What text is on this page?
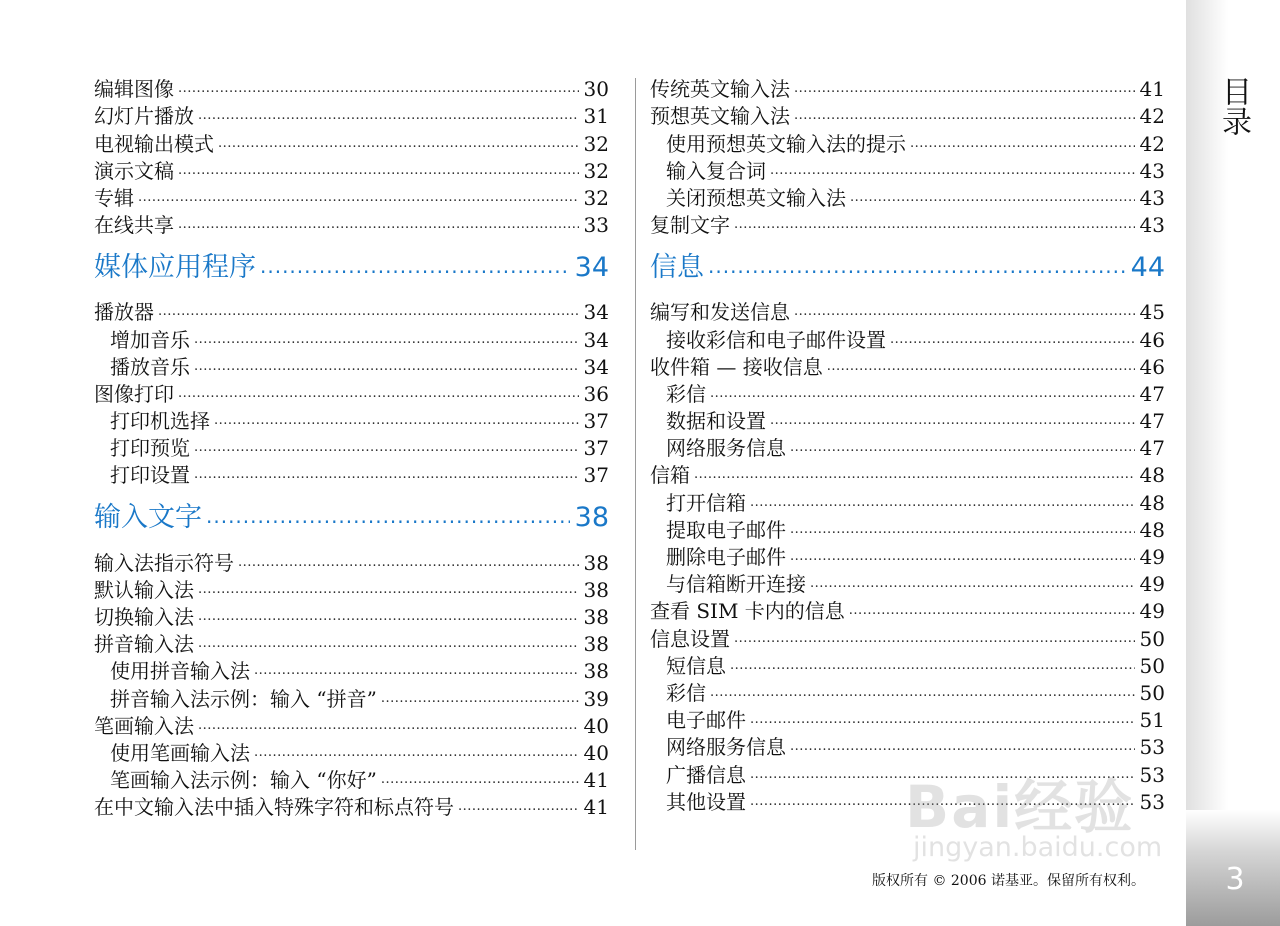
编辑图像 .....	30
幻灯片播放 .....	31
电视输出模式 .....	32
演示文稿 .....	32
专辑 .....	32
在线共享 .....	33
媒体应用程序 .....	34
播放器 .....	34
增加音乐 .....	34
播放音乐 .....	34
图像打印 .....	36
打印机选择 .....	37
打印预览 .....	37
打印设置 .....	37
输入文字 .....	38
输入法指示符号 .....	38
默认输入法 .....	38
切换输入法 .....	38
拼音输入法 .....	38
使用拼音输入法 .....	38
拼音输入法示例：输入 “拼音” .....	39
笔画输入法 .....	40
使用笔画输入法 .....	40
笔画输入法示例：输入 “你好” .....	41
在中文输入法中插入特殊字符和标点符号 .....	41
传统英文输入法 .....	41
预想英文输入法 .....	42
使用预想英文输入法的提示 .....	42
输入复合词 .....	43
关闭预想英文输入法 .....	43
复制文字 .....	43
信息 .....	44
编写和发送信息 .....	45
接收彩信和电子邮件设置 .....	46
收件箱 — 接收信息 .....	46
彩信 .....	47
数据和设置 .....	47
网络服务信息 .....	47
信箱 .....	48
打开信箱 .....	48
提取电子邮件 .....	48
删除电子邮件 .....	49
与信箱断开连接 .....	49
查看 SIM 卡内的信息 .....	49
信息设置 .....	50
短信息 .....	50
彩信 .....	50
电子邮件 .....	51
网络服务信息 .....	53
广播信息 .....	53
其他设置 .....	53
目录
3
版权所有 © 2006 诺基亚。保留所有权利。
Bai经验
jingyan.baidu.com
